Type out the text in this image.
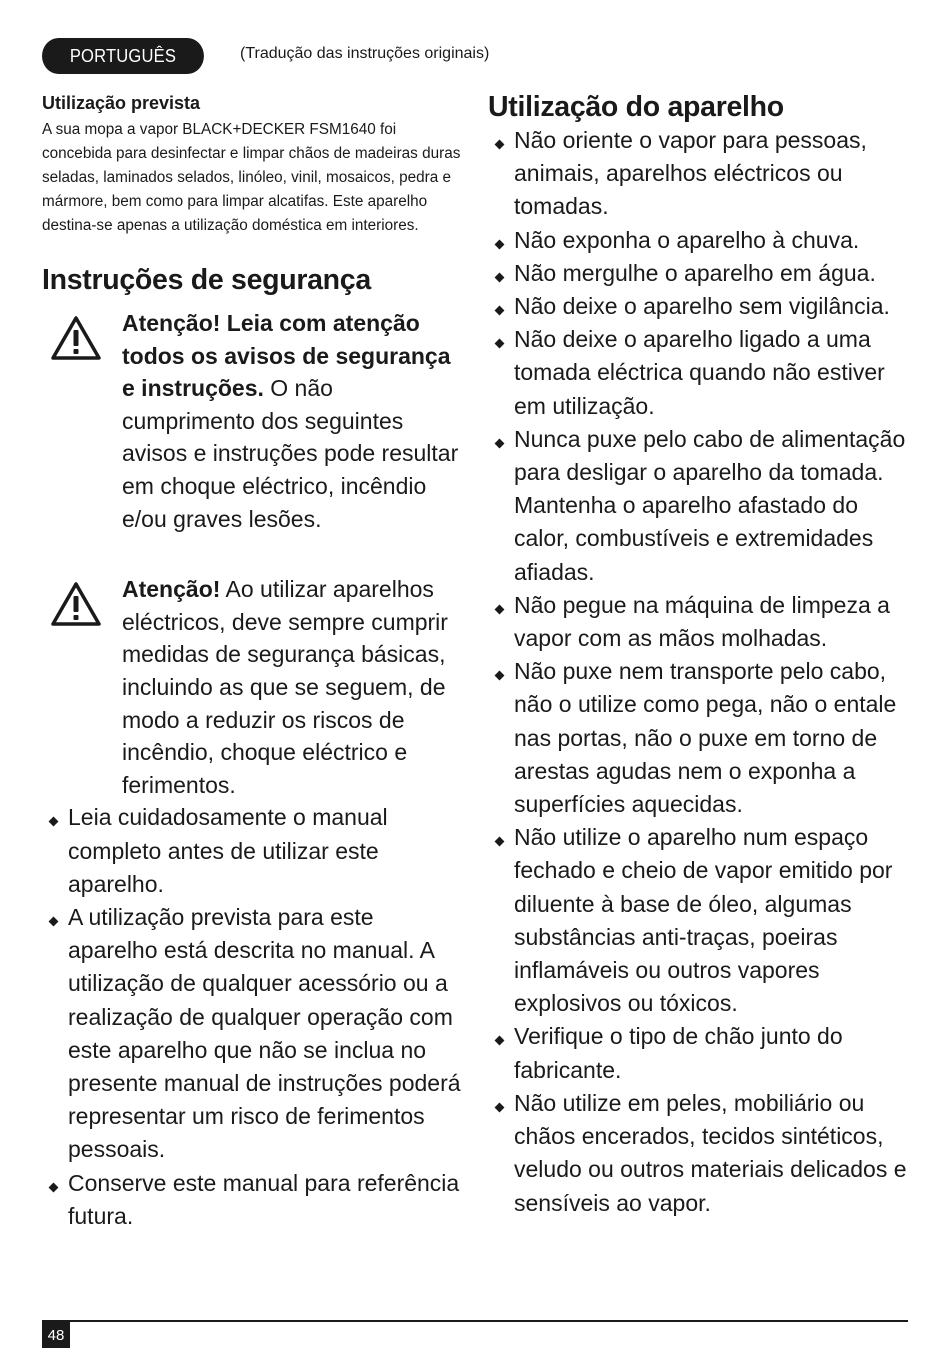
PORTUGUÊS	(Tradução das instruções originais)
Utilização prevista

A sua mopa a vapor BLACK+DECKER FSM1640 foi concebida para desinfectar e limpar chãos de madeiras duras seladas, laminados selados, linóleo, vinil, mosaicos, pedra e mármore, bem como para limpar alcatifas. Este aparelho destina-se apenas a utilização doméstica em interiores.

Instruções de segurança

Atenção! Leia com atenção todos os avisos de segurança e instruções. O não cumprimento dos seguintes avisos e instruções pode resultar em choque eléctrico, incêndio e/ou graves lesões.

Atenção! Ao utilizar aparelhos eléctricos, deve sempre cumprir medidas de segurança básicas, incluindo as que se seguem, de modo a reduzir os riscos de incêndio, choque eléctrico e ferimentos.

Leia cuidadosamente o manual completo antes de utilizar este aparelho.
A utilização prevista para este aparelho está descrita no manual. A utilização de qualquer acessório ou a realização de qualquer operação com este aparelho que não se inclua no presente manual de instruções poderá representar um risco de ferimentos pessoais.
Conserve este manual para referência futura.
Utilização do aparelho
Não oriente o vapor para pessoas, animais, aparelhos eléctricos ou tomadas.
Não exponha o aparelho à chuva.
Não mergulhe o aparelho em água.
Não deixe o aparelho sem vigilância.
Não deixe o aparelho ligado a uma tomada eléctrica quando não estiver em utilização.
Nunca puxe pelo cabo de alimentação para desligar o aparelho da tomada. Mantenha o aparelho afastado do calor, combustíveis e extremidades afiadas.
Não pegue na máquina de limpeza a vapor com as mãos molhadas.
Não puxe nem transporte pelo cabo, não o utilize como pega, não o entale nas portas, não o puxe em torno de arestas agudas nem o exponha a superfícies aquecidas.
Não utilize o aparelho num espaço fechado e cheio de vapor emitido por diluente à base de óleo, algumas substâncias anti-traças, poeiras inflamáveis ou outros vapores explosivos ou tóxicos.
Verifique o tipo de chão junto do fabricante.
Não utilize em peles, mobiliário ou chãos encerados, tecidos sintéticos, veludo ou outros materiais delicados e sensíveis ao vapor.
48
